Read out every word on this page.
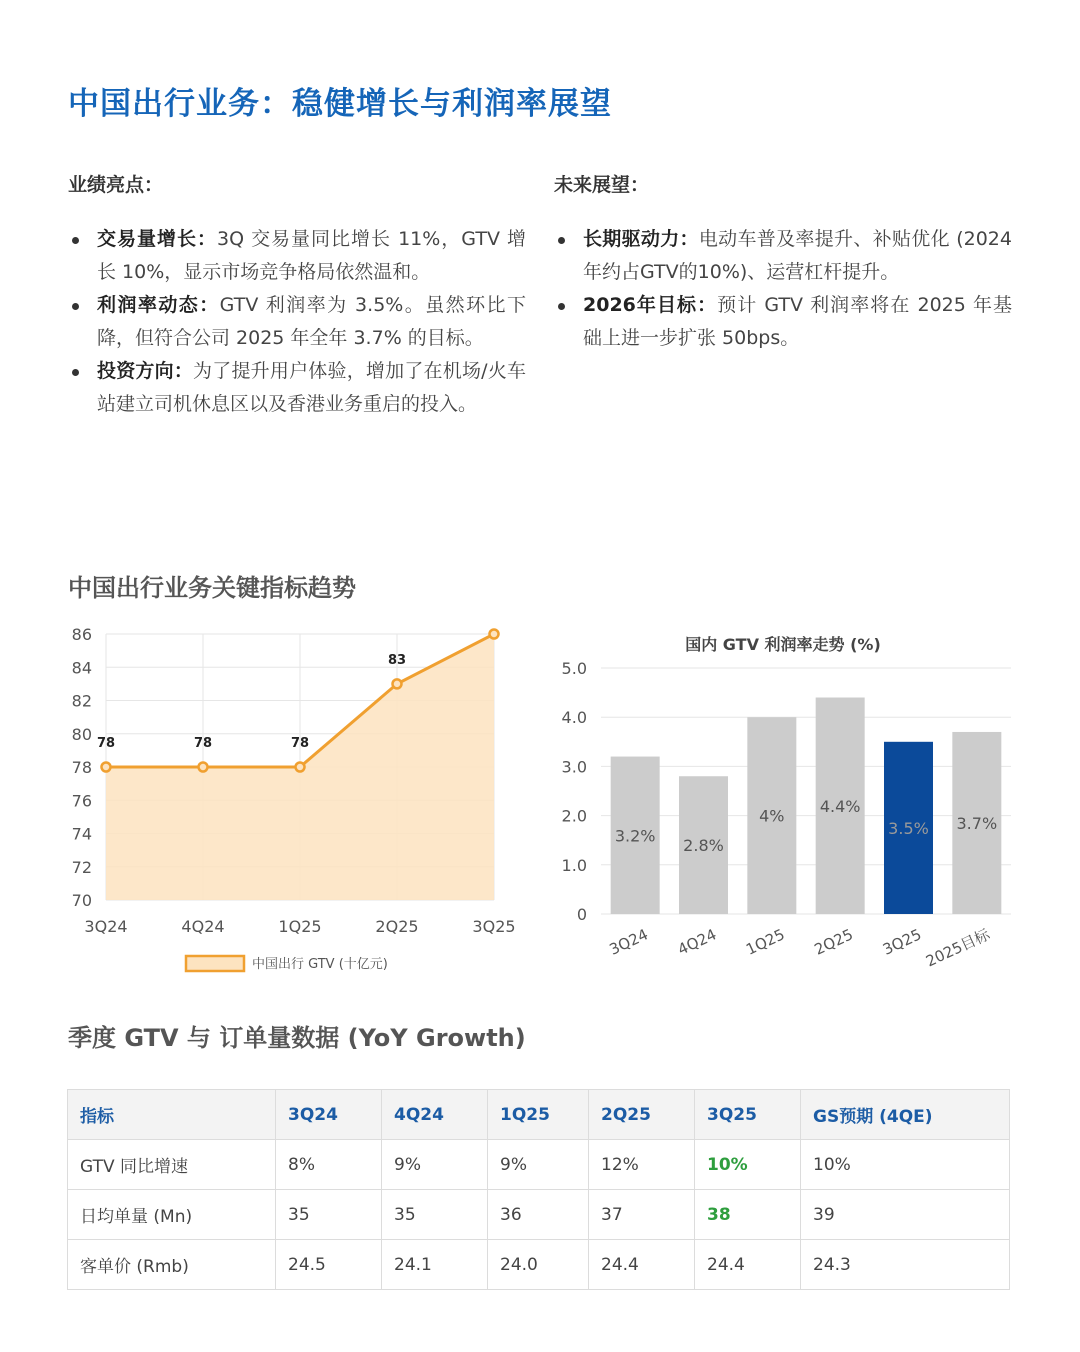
中国出行业务：稳健增长与利润率展望
业绩亮点：
交易量增长：3Q 交易量同比增长 11%，GTV 增长 10%，显示市场竞争格局依然温和。
利润率动态：GTV 利润率为 3.5%。虽然环比下降，但符合公司 2025 年全年 3.7% 的目标。
投资方向：为了提升用户体验，增加了在机场/火车站建立司机休息区以及香港业务重启的投入。
未来展望：
长期驱动力：电动车普及率提升、补贴优化 (2024年约占GTV的10%)、运营杠杆提升。
2026年目标：预计 GTV 利润率将在 2025 年基础上进一步扩张 50bps。
中国出行业务关键指标趋势
70
72
74
76
78
80
82
84
86
3Q24	4Q24	1Q25	2Q25	3Q25
78	78	78
83
中国出行 GTV (十亿元)
国内 GTV 利润率走势 (%)
0
1.0
2.0
3.0
4.0
5.0
3.2%
3Q24
2.8%
4Q24
4%
1Q25
4.4%
2Q25
3.5%
3Q25
3.7%
2025目标
季度 GTV 与 订单量数据 (YoY Growth)
指标	3Q24	4Q24	1Q25	2Q25	3Q25	GS预期 (4QE)
GTV 同比增速	8%	9%	9%	12%	10%	10%
日均单量 (Mn)	35	35	36	37	38	39
客单价 (Rmb)	24.5	24.1	24.0	24.4	24.4	24.3
